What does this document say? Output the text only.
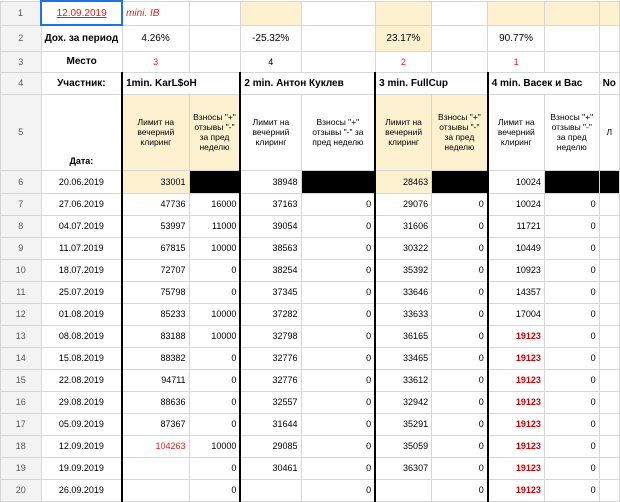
1	12.09.2019	mini. IB								
2	Дох. за период	4.26%		-25.32%		23.17%		90.77%		
3	Место	3		4		2		1		
4	Участник:	1min. KarL$oH		2 min. Антон Куклев		3 min. FullCup		4 min. Васек и Вас		No
5	Дата:	Лимит на вечерний клиринг	Взносы "+" отзывы "-" за пред неделю	Лимит на вечерний клиринг	Взносы "+" отзывы "-" за пред неделю	Лимит на вечерний клиринг	Взносы "+" отзывы "-" за пред неделю	Лимит на вечерний клиринг	Взносы "+" отзывы "-" за пред неделю	Л
6	20.06.2019	33001		38948		28463		10024		
7	27.06.2019	47736	16000	37163	0	29076	0	10024	0	
8	04.07.2019	53997	11000	39054	0	31606	0	11721	0	
9	11.07.2019	67815	10000	38563	0	30322	0	10449	0	
10	18.07.2019	72707	0	38254	0	35392	0	10923	0	
11	25.07.2019	75798	0	37345	0	33646	0	14357	0	
12	01.08.2019	85233	10000	37282	0	33633	0	17004	0	
13	08.08.2019	83188	10000	32798	0	36165	0	19123	0	
14	15.08.2019	88382	0	32776	0	33465	0	19123	0	
15	22.08.2019	94711	0	32776	0	33612	0	19123	0	
16	29.08.2019	88636	0	32557	0	32942	0	19123	0	
17	05.09.2019	87367	0	31644	0	35291	0	19123	0	
18	12.09.2019	104263	10000	29085	0	35059	0	19123	0	
19	19.09.2019		0	30461	0	36307	0	19123	0	
20	26.09.2019		0		0		0	19123	0	
